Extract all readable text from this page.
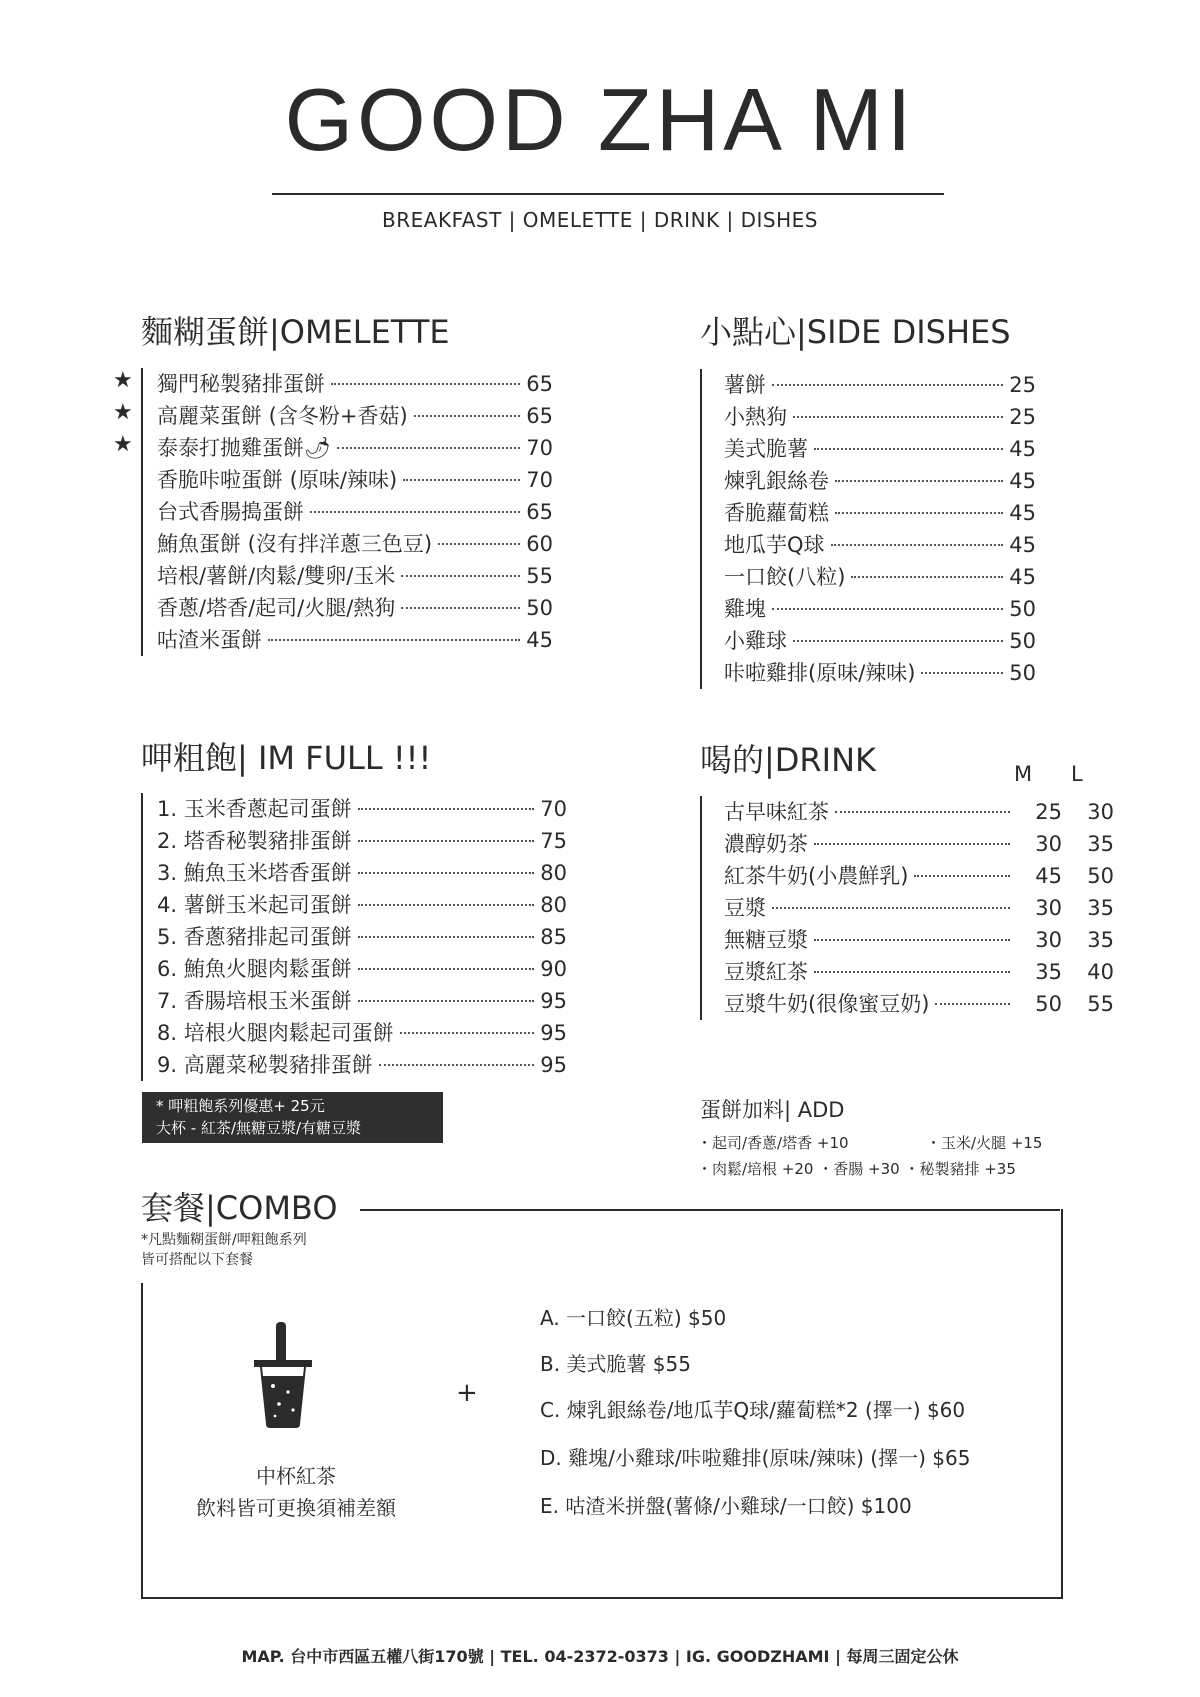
GOOD ZHA MI
BREAKFAST | OMELETTE | DRINK | DISHES
麵糊蛋餅|OMELETTE
★
★
★
獨門秘製豬排蛋餅	65
高麗菜蛋餅 (含冬粉+香菇)	65
泰泰打拋雞蛋餅🌶	70
香脆咔啦蛋餅 (原味/辣味)	70
台式香腸搗蛋餅	65
鮪魚蛋餅 (沒有拌洋蔥三色豆)	60
培根/薯餅/肉鬆/雙卵/玉米	55
香蔥/塔香/起司/火腿/熱狗	50
咕渣米蛋餅	45
小點心|SIDE DISHES
薯餅	25
小熱狗	25
美式脆薯	45
煉乳銀絲卷	45
香脆蘿蔔糕	45
地瓜芋Q球	45
一口餃(八粒)	45
雞塊	50
小雞球	50
咔啦雞排(原味/辣味)	50
呷粗飽| IM FULL !!!
1. 玉米香蔥起司蛋餅	70
2. 塔香秘製豬排蛋餅	75
3. 鮪魚玉米塔香蛋餅	80
4. 薯餅玉米起司蛋餅	80
5. 香蔥豬排起司蛋餅	85
6. 鮪魚火腿肉鬆蛋餅	90
7. 香腸培根玉米蛋餅	95
8. 培根火腿肉鬆起司蛋餅	95
9. 高麗菜秘製豬排蛋餅	95
* 呷粗飽系列優惠+ 25元
大杯 - 紅茶/無糖豆漿/有糖豆漿
喝的|DRINK	M L
古早味紅茶	25	30
濃醇奶茶	30	35
紅茶牛奶(小農鮮乳)	45	50
豆漿	30	35
無糖豆漿	30	35
豆漿紅茶	35	40
豆漿牛奶(很像蜜豆奶)	50	55
蛋餅加料| ADD
・起司/香蔥/塔香 +10	・玉米/火腿 +15
・肉鬆/培根 +20 ・香腸 +30 ・秘製豬排 +35
套餐|COMBO
*凡點麵糊蛋餅/呷粗飽系列
皆可搭配以下套餐
中杯紅茶
飲料皆可更換須補差額
+
A. 一口餃(五粒) $50
B. 美式脆薯 $55
C. 煉乳銀絲卷/地瓜芋Q球/蘿蔔糕*2 (擇一) $60
D. 雞塊/小雞球/咔啦雞排(原味/辣味) (擇一) $65
E. 咕渣米拼盤(薯條/小雞球/一口餃) $100
MAP. 台中市西區五權八街170號 | TEL. 04-2372-0373 | IG. GOODZHAMI | 每周三固定公休
